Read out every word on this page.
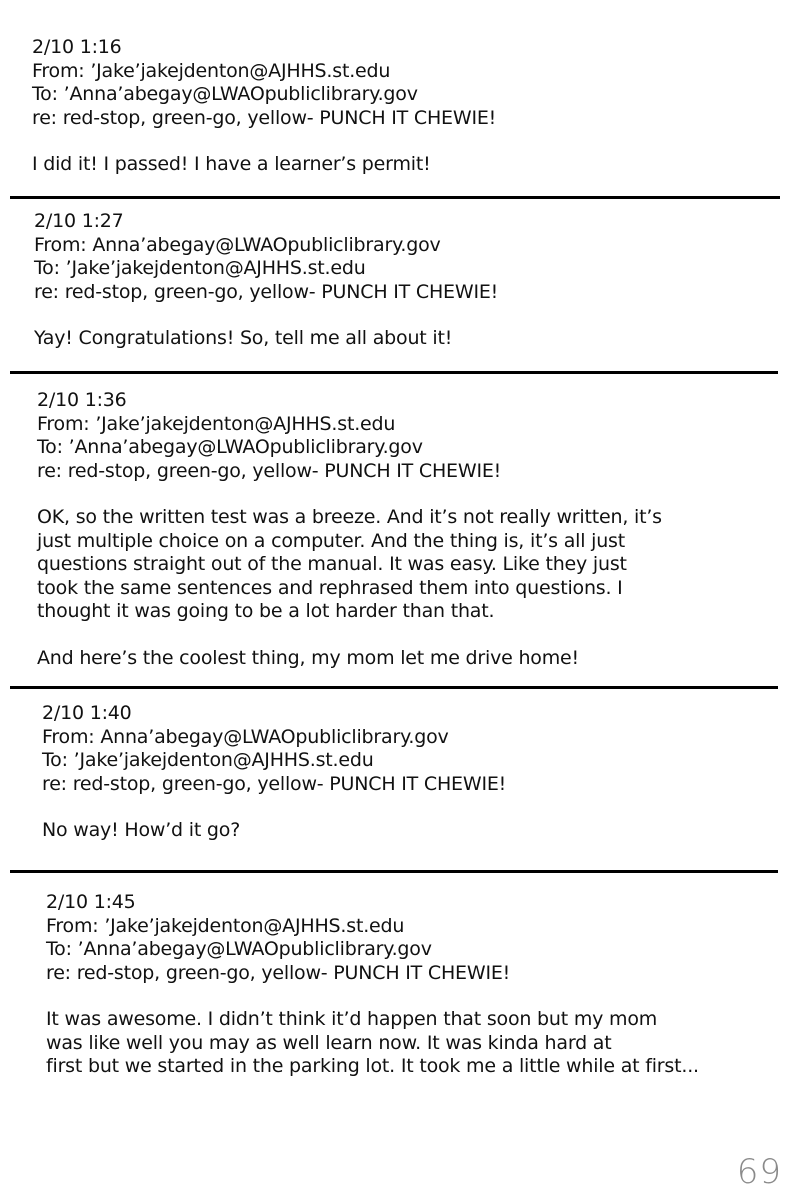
2/10 1:16
From: ’Jake’jakejdenton@AJHHS.st.edu
To: ’Anna’abegay@LWAOpubliclibrary.gov
re: red-stop, green-go, yellow- PUNCH IT CHEWIE!
I did it! I passed! I have a learner’s permit!
2/10 1:27
From: Anna’abegay@LWAOpubliclibrary.gov
To: ’Jake’jakejdenton@AJHHS.st.edu
re: red-stop, green-go, yellow- PUNCH IT CHEWIE!
Yay! Congratulations! So, tell me all about it!
2/10 1:36
From: ’Jake’jakejdenton@AJHHS.st.edu
To: ’Anna’abegay@LWAOpubliclibrary.gov
re: red-stop, green-go, yellow- PUNCH IT CHEWIE!
OK, so the written test was a breeze. And it’s not really written, it’s
just multiple choice on a computer. And the thing is, it’s all just
questions straight out of the manual. It was easy. Like they just
took the same sentences and rephrased them into questions. I
thought it was going to be a lot harder than that.
And here’s the coolest thing, my mom let me drive home!
2/10 1:40
From: Anna’abegay@LWAOpubliclibrary.gov
To: ’Jake’jakejdenton@AJHHS.st.edu
re: red-stop, green-go, yellow- PUNCH IT CHEWIE!
No way! How’d it go?
2/10 1:45
From: ’Jake’jakejdenton@AJHHS.st.edu
To: ’Anna’abegay@LWAOpubliclibrary.gov
re: red-stop, green-go, yellow- PUNCH IT CHEWIE!
It was awesome. I didn’t think it’d happen that soon but my mom
was like well you may as well learn now. It was kinda hard at
first but we started in the parking lot. It took me a little while at first...
69
